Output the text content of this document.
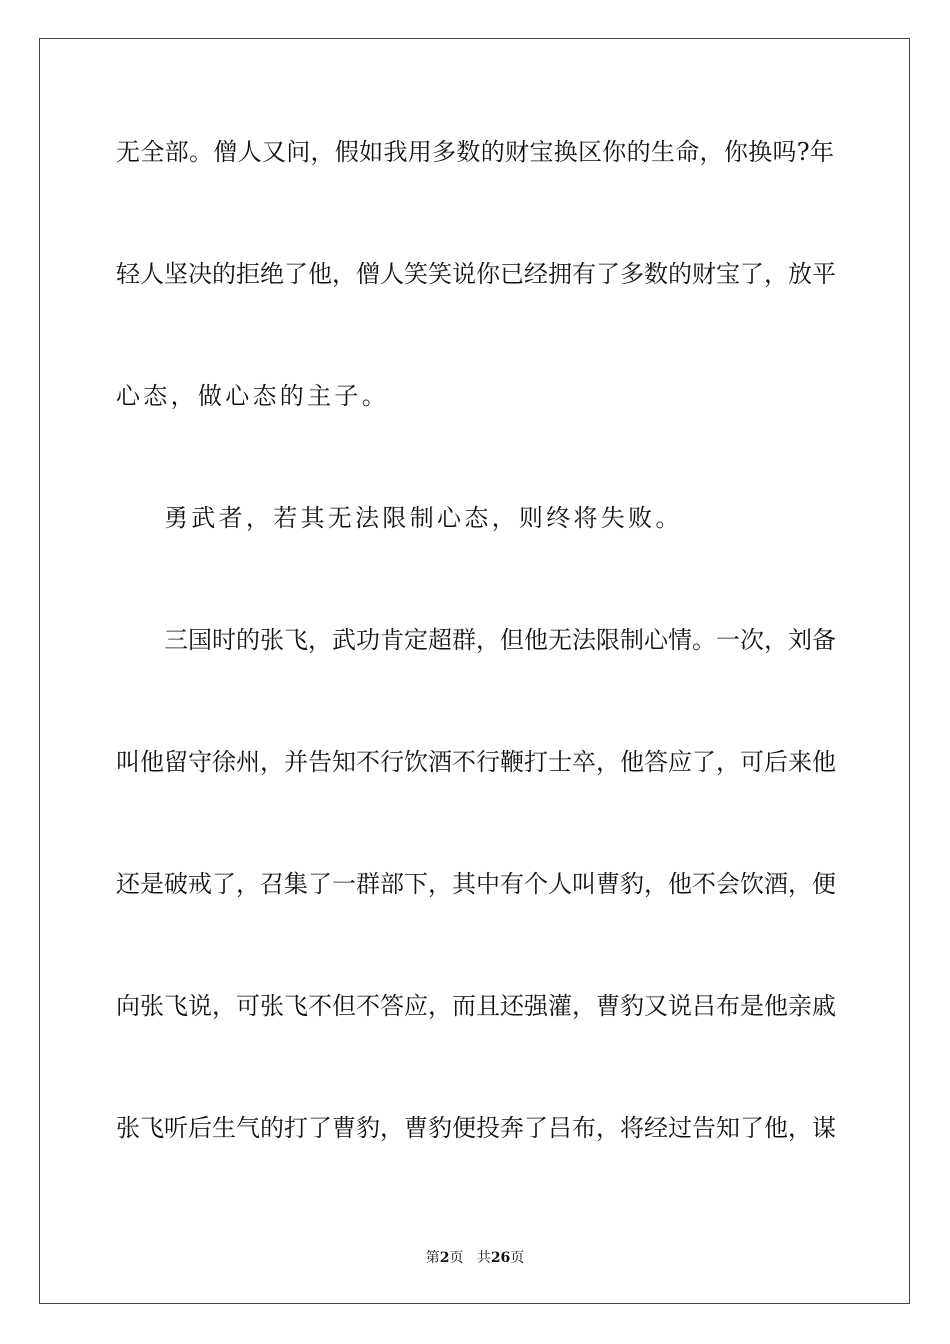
无全部。僧人又问，假如我用多数的财宝换区你的生命，你换吗?年
轻人坚决的拒绝了他，僧人笑笑说你已经拥有了多数的财宝了，放平
心态，做心态的主子。
勇武者，若其无法限制心态，则终将失败。
三国时的张飞，武功肯定超群，但他无法限制心情。一次，刘备
叫他留守徐州，并告知不行饮酒不行鞭打士卒，他答应了，可后来他
还是破戒了，召集了一群部下，其中有个人叫曹豹，他不会饮酒，便
向张飞说，可张飞不但不答应，而且还强灌，曹豹又说吕布是他亲戚
张飞听后生气的打了曹豹，曹豹便投奔了吕布，将经过告知了他，谋
第2页 共26页
